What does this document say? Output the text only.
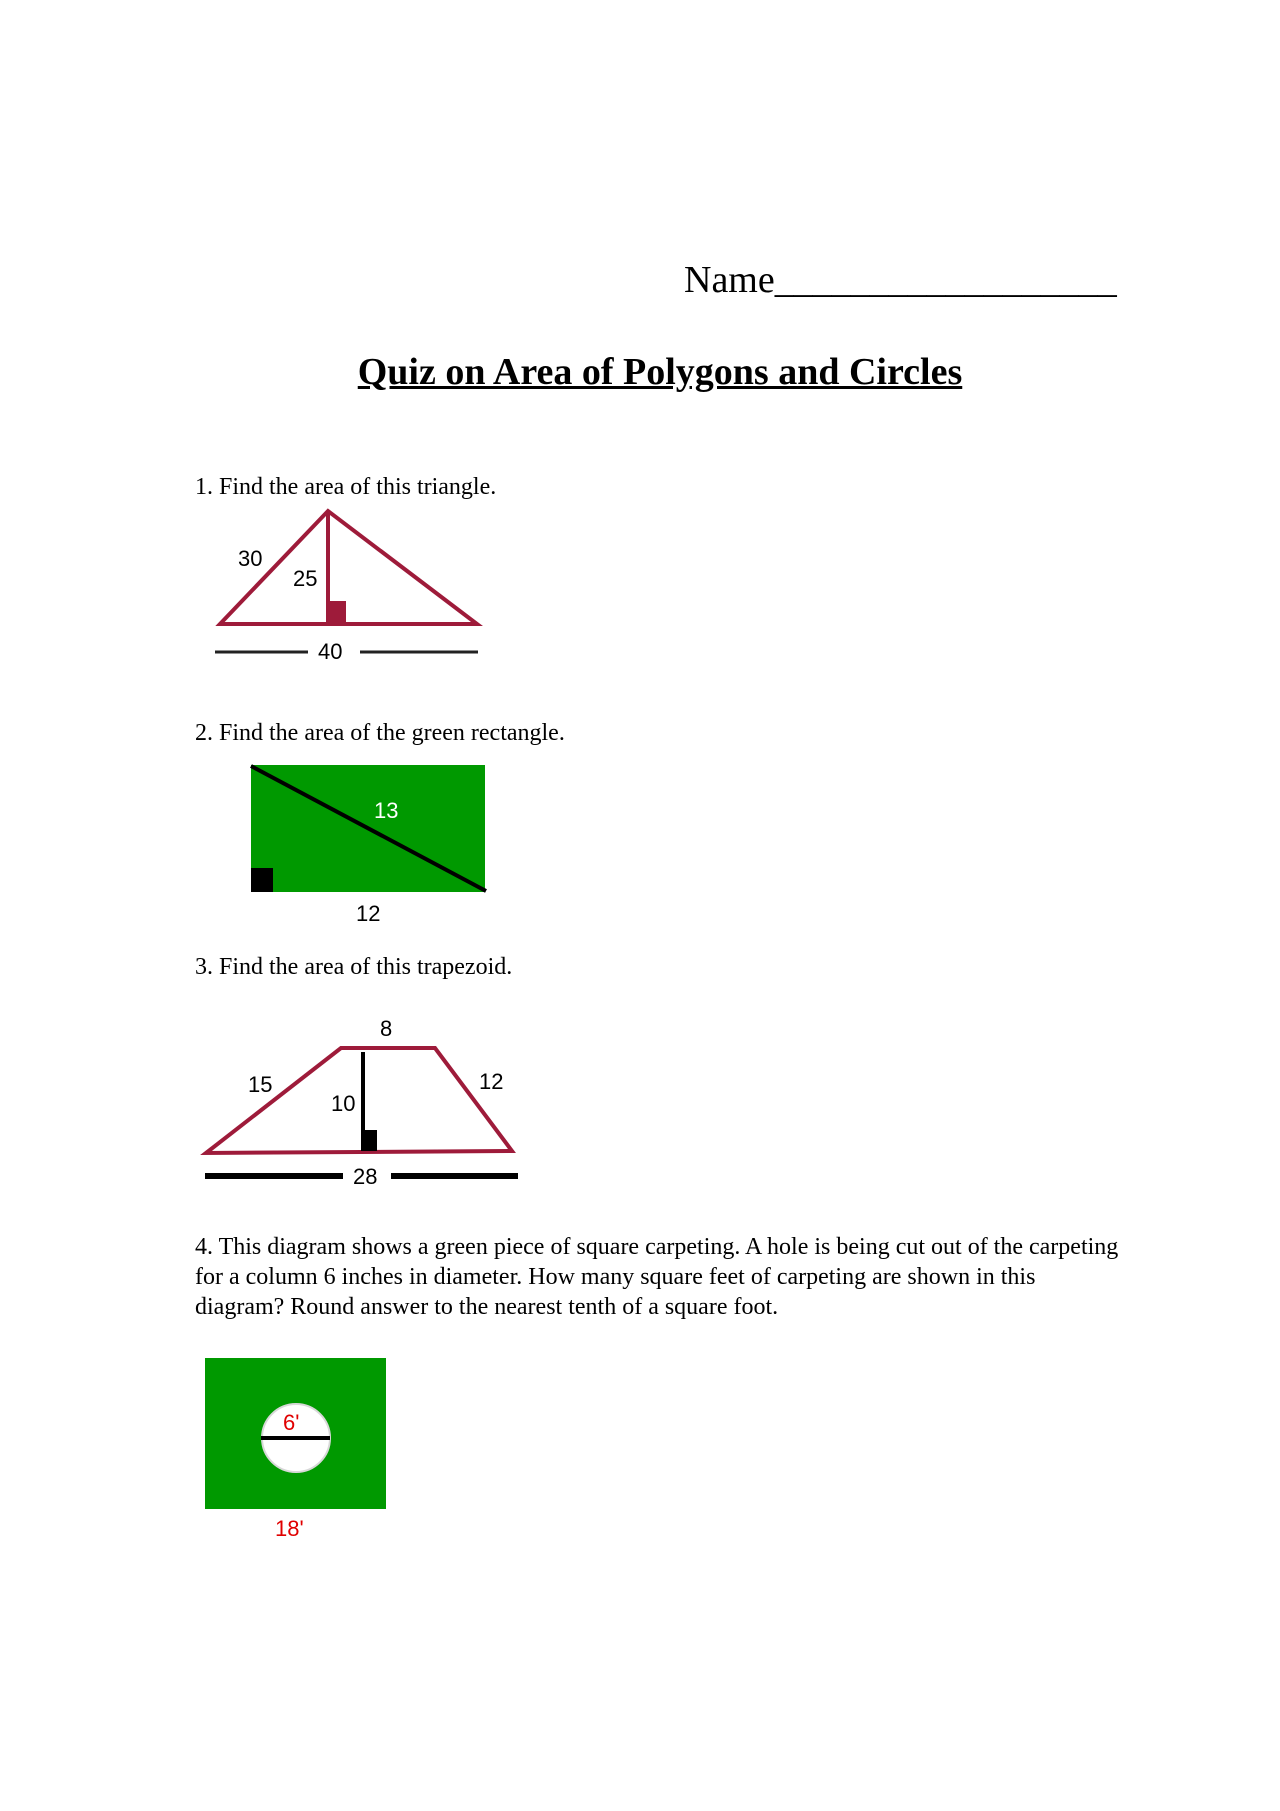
Name__________________
Quiz on Area of Polygons and Circles
1. Find the area of this triangle.
30
25
40
2. Find the area of the green rectangle.
13
12
3. Find the area of this trapezoid.
8
15	12
10
28
4. This diagram shows a green piece of square carpeting. A hole is being cut out of the carpeting for a column 6 inches in diameter. How many square feet of carpeting are shown in this diagram? Round answer to the nearest tenth of a square foot.
6'
18'
